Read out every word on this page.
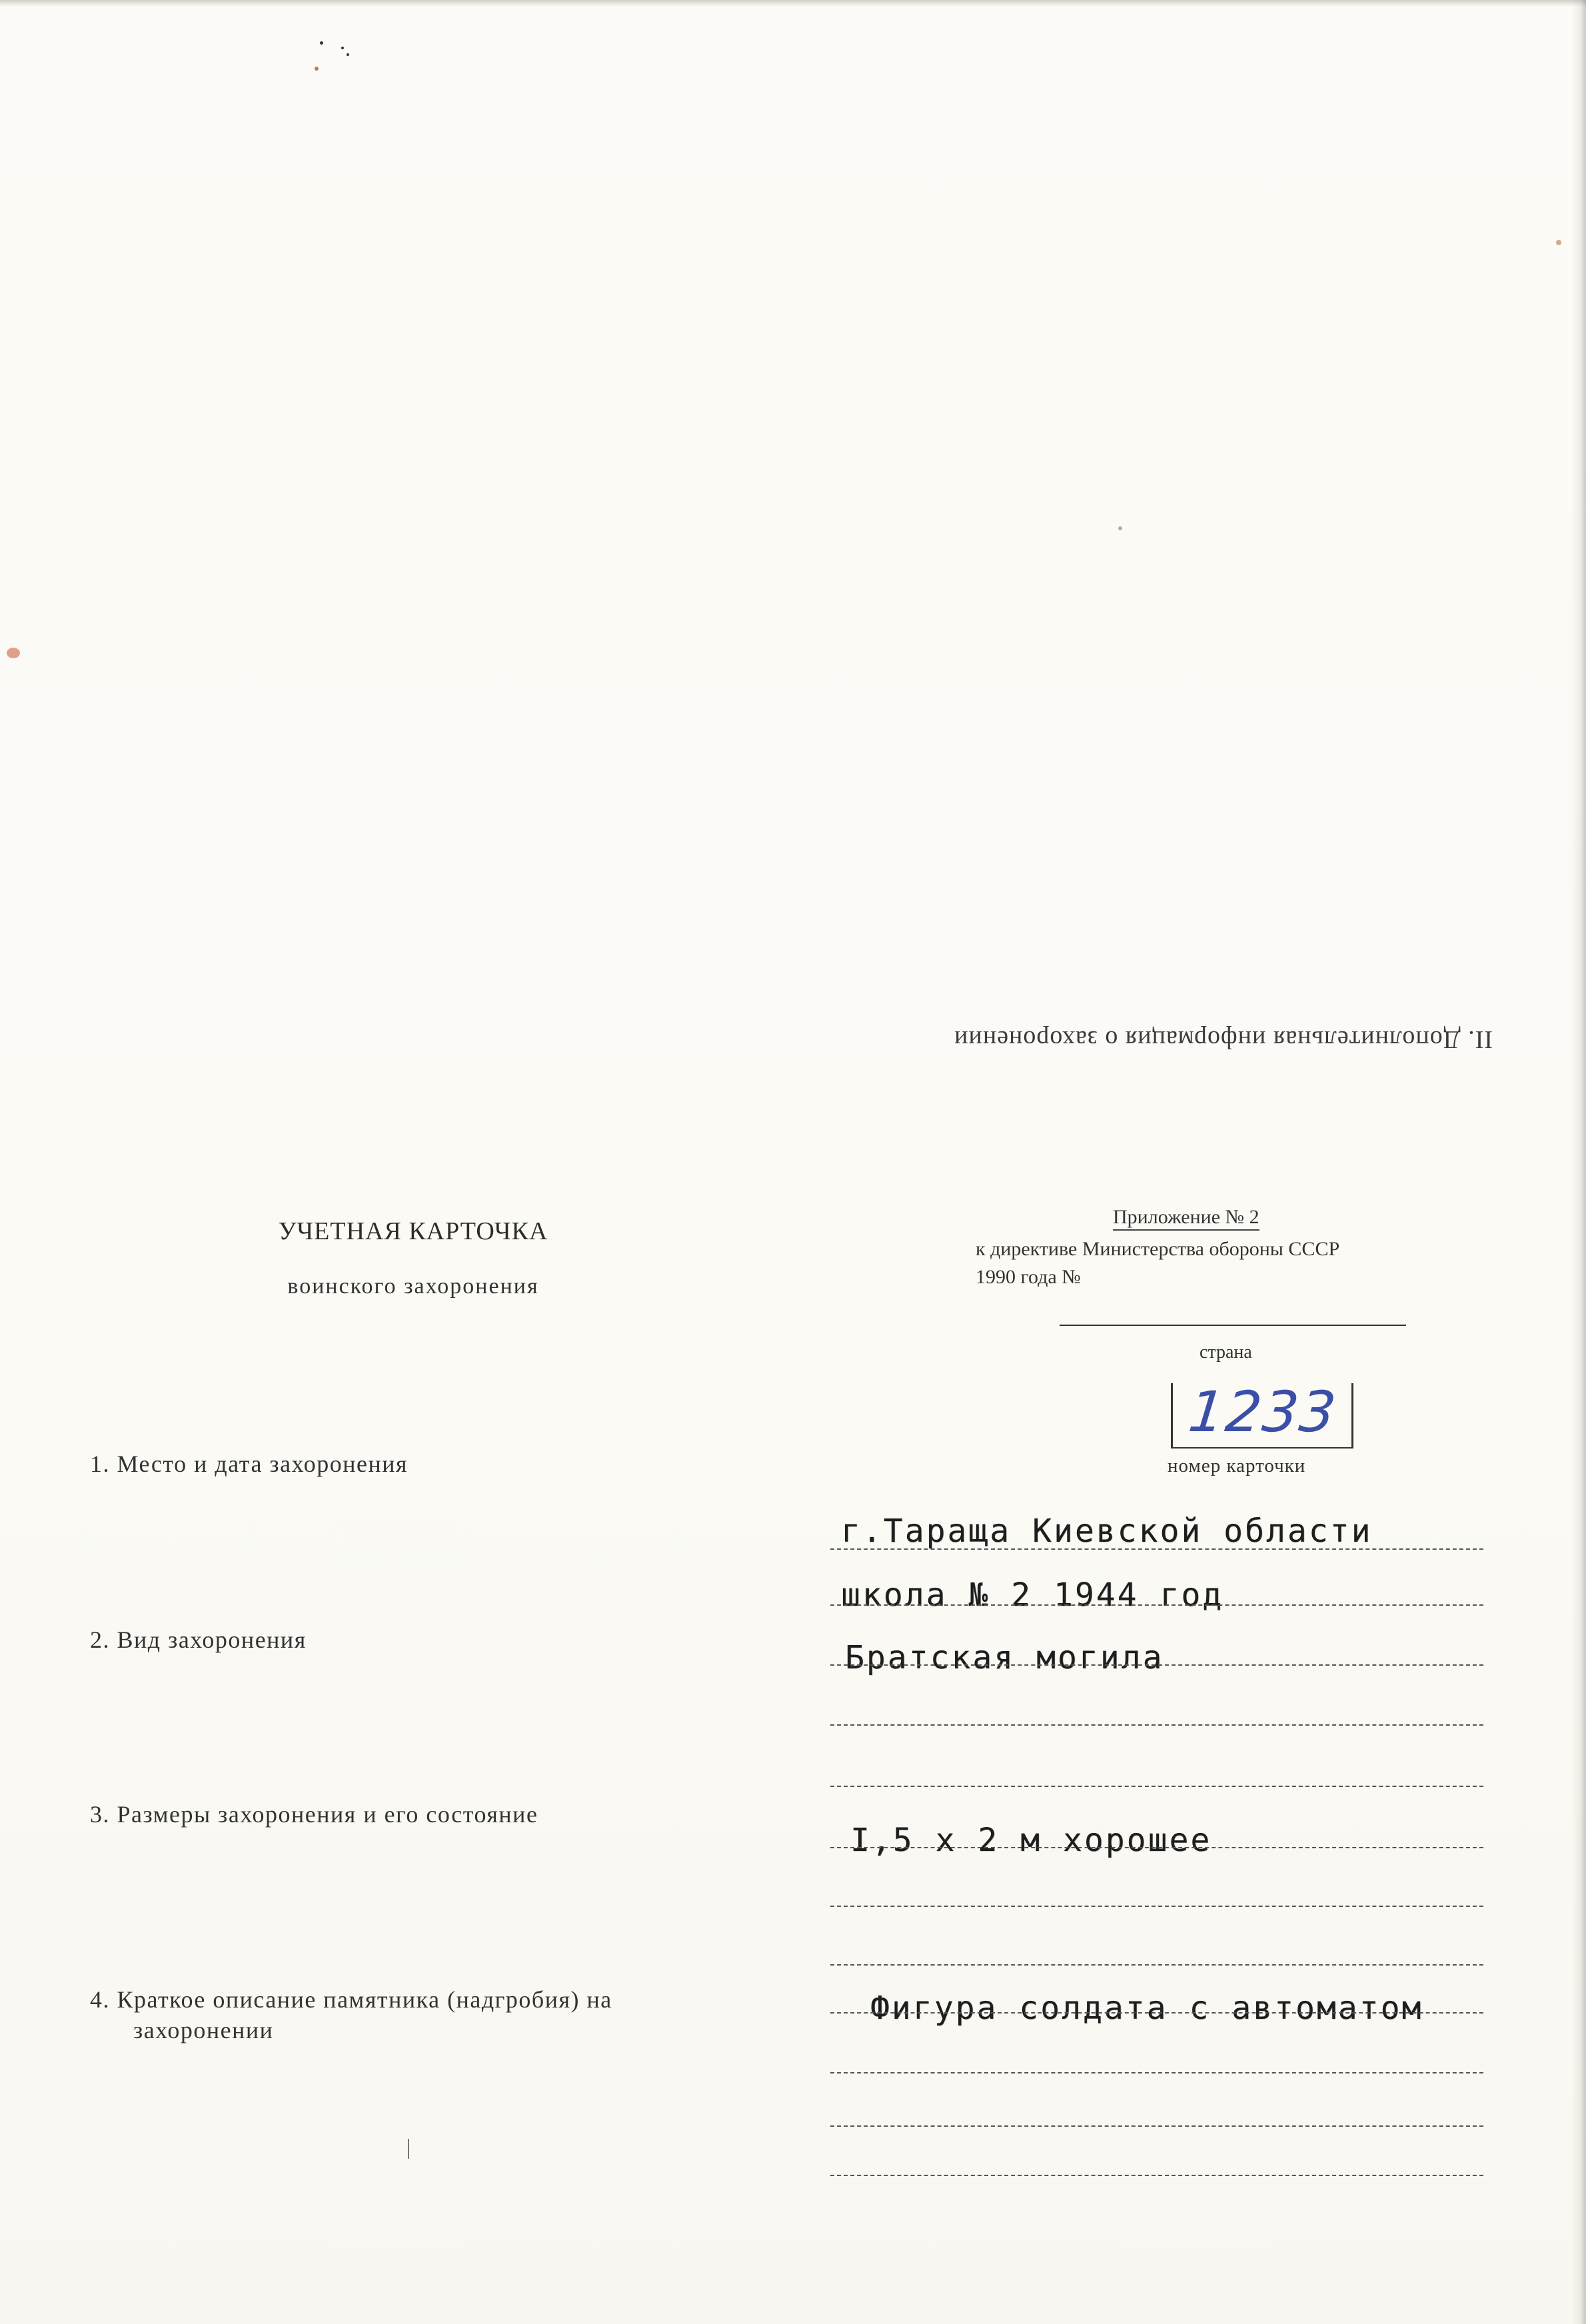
II. Дополнительная информация о захоронении
УЧЕТНАЯ КАРТОЧКА
воинского захоронения
Приложение № 2
к директиве Министерства обороны СССР
1990 года №
страна
1233
номер карточки
1. Место и дата захоронения
г.Тараща Киевской области
школа № 2 1944 год
2. Вид захоронения	Братская могила
3. Размеры захоронения и его состояние
I,5 х 2 м хорошее
4. Краткое описание памятника (надгробия) на
захоронении
Фигура солдата с автоматом
